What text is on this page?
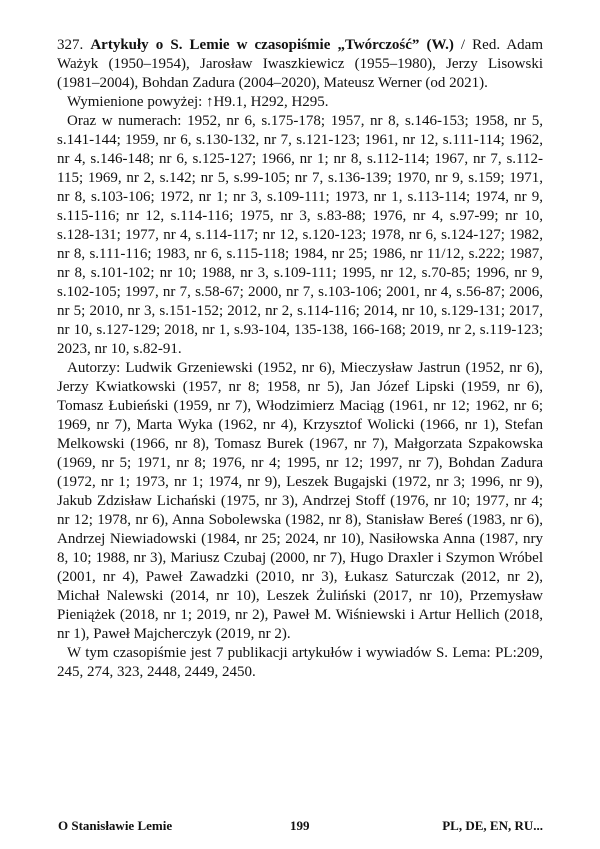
327. Artykuły o S. Lemie w czasopiśmie „Twórczość” (W.) / Red. Adam Ważyk (1950–1954), Jarosław Iwaszkiewicz (1955–1980), Jerzy Lisowski (1981–2004), Bohdan Zadura (2004–2020), Mateusz Werner (od 2021).

Wymienione powyżej: ↑H9.1, H292, H295.

Oraz w numerach: 1952, nr 6, s.175-178; 1957, nr 8, s.146-153; 1958, nr 5, s.141-144; 1959, nr 6, s.130-132, nr 7, s.121-123; 1961, nr 12, s.111-114; 1962, nr 4, s.146-148; nr 6, s.125-127; 1966, nr 1; nr 8, s.112-114; 1967, nr 7, s.112-115; 1969, nr 2, s.142; nr 5, s.99-105; nr 7, s.136-139; 1970, nr 9, s.159; 1971, nr 8, s.103-106; 1972, nr 1; nr 3, s.109-111; 1973, nr 1, s.113-114; 1974, nr 9, s.115-116; nr 12, s.114-116; 1975, nr 3, s.83-88; 1976, nr 4, s.97-99; nr 10, s.128-131; 1977, nr 4, s.114-117; nr 12, s.120-123; 1978, nr 6, s.124-127; 1982, nr 8, s.111-116; 1983, nr 6, s.115-118; 1984, nr 25; 1986, nr 11/12, s.222; 1987, nr 8, s.101-102; nr 10; 1988, nr 3, s.109-111; 1995, nr 12, s.70-85; 1996, nr 9, s.102-105; 1997, nr 7, s.58-67; 2000, nr 7, s.103-106; 2001, nr 4, s.56-87; 2006, nr 5; 2010, nr 3, s.151-152; 2012, nr 2, s.114-116; 2014, nr 10, s.129-131; 2017, nr 10, s.127-129; 2018, nr 1, s.93-104, 135-138, 166-168; 2019, nr 2, s.119-123; 2023, nr 10, s.82-91.

Autorzy: Ludwik Grzeniewski (1952, nr 6), Mieczysław Jastrun (1952, nr 6), Jerzy Kwiatkowski (1957, nr 8; 1958, nr 5), Jan Józef Lipski (1959, nr 6), Tomasz Łubieński (1959, nr 7), Włodzimierz Maciąg (1961, nr 12; 1962, nr 6; 1969, nr 7), Marta Wyka (1962, nr 4), Krzysztof Wolicki (1966, nr 1), Stefan Melkowski (1966, nr 8), Tomasz Burek (1967, nr 7), Małgorzata Szpakowska (1969, nr 5; 1971, nr 8; 1976, nr 4; 1995, nr 12; 1997, nr 7), Bohdan Zadura (1972, nr 1; 1973, nr 1; 1974, nr 9), Leszek Bugajski (1972, nr 3; 1996, nr 9), Jakub Zdzisław Lichański (1975, nr 3), Andrzej Stoff (1976, nr 10; 1977, nr 4; nr 12; 1978, nr 6), Anna Sobolewska (1982, nr 8), Stanisław Bereś (1983, nr 6), Andrzej Niewiadowski (1984, nr 25; 2024, nr 10), Nasiłowska Anna (1987, nry 8, 10; 1988, nr 3), Mariusz Czubaj (2000, nr 7), Hugo Draxler i Szymon Wróbel (2001, nr 4), Paweł Zawadzki (2010, nr 3), Łukasz Saturczak (2012, nr 2), Michał Nalewski (2014, nr 10), Leszek Żuliński (2017, nr 10), Przemysław Pieniążek (2018, nr 1; 2019, nr 2), Paweł M. Wiśniewski i Artur Hellich (2018, nr 1), Paweł Majcherczyk (2019, nr 2).

W tym czasopiśmie jest 7 publikacji artykułów i wywiadów S. Lema: PL:209, 245, 274, 323, 2448, 2449, 2450.

O Stanisławie Lemie	199	PL, DE, EN, RU...
